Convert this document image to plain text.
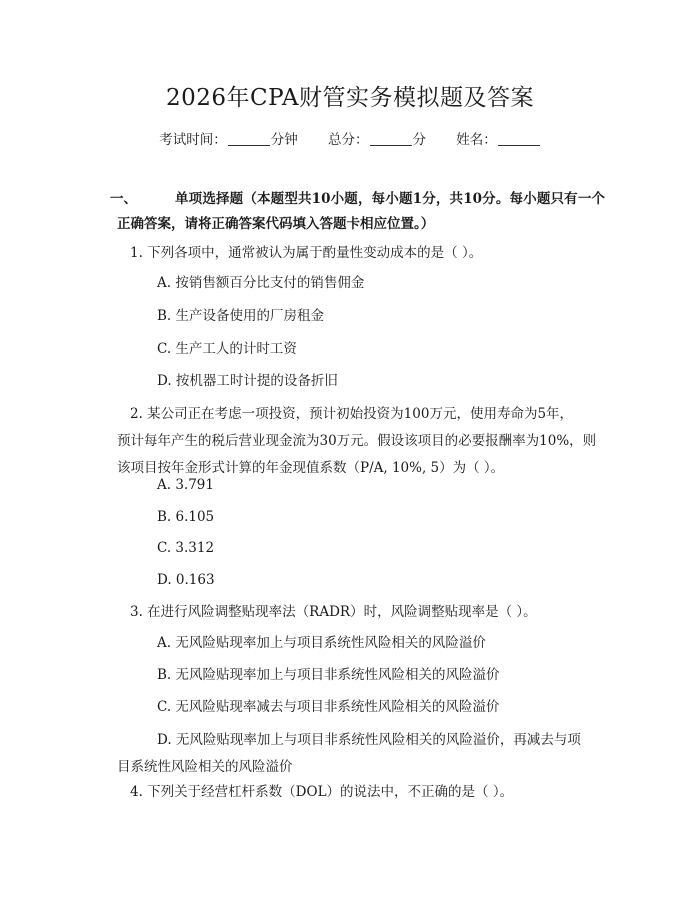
2026年CPA财管实务模拟题及答案
考试时间：	分钟 总分：	分 姓名：
一、	单项选择题（本题型共10小题，每小题1分，共10分。每小题只有一个正确答案，请将正确答案代码填入答题卡相应位置。）
1. 下列各项中，通常被认为属于酌量性变动成本的是（ ）。
A. 按销售额百分比支付的销售佣金
B. 生产设备使用的厂房租金
C. 生产工人的计时工资
D. 按机器工时计提的设备折旧
2. 某公司正在考虑一项投资，预计初始投资为100万元，使用寿命为5年，
预计每年产生的税后营业现金流为30万元。假设该项目的必要报酬率为10%，则
该项目按年金形式计算的年金现值系数（P/A, 10%, 5）为（ ）。
A. 3.791
B. 6.105
C. 3.312
D. 0.163
3. 在进行风险调整贴现率法（RADR）时，风险调整贴现率是（ ）。
A. 无风险贴现率加上与项目系统性风险相关的风险溢价
B. 无风险贴现率加上与项目非系统性风险相关的风险溢价
C. 无风险贴现率减去与项目非系统性风险相关的风险溢价
D. 无风险贴现率加上与项目非系统性风险相关的风险溢价，再减去与项
目系统性风险相关的风险溢价
4. 下列关于经营杠杆系数（DOL）的说法中，不正确的是（ ）。
